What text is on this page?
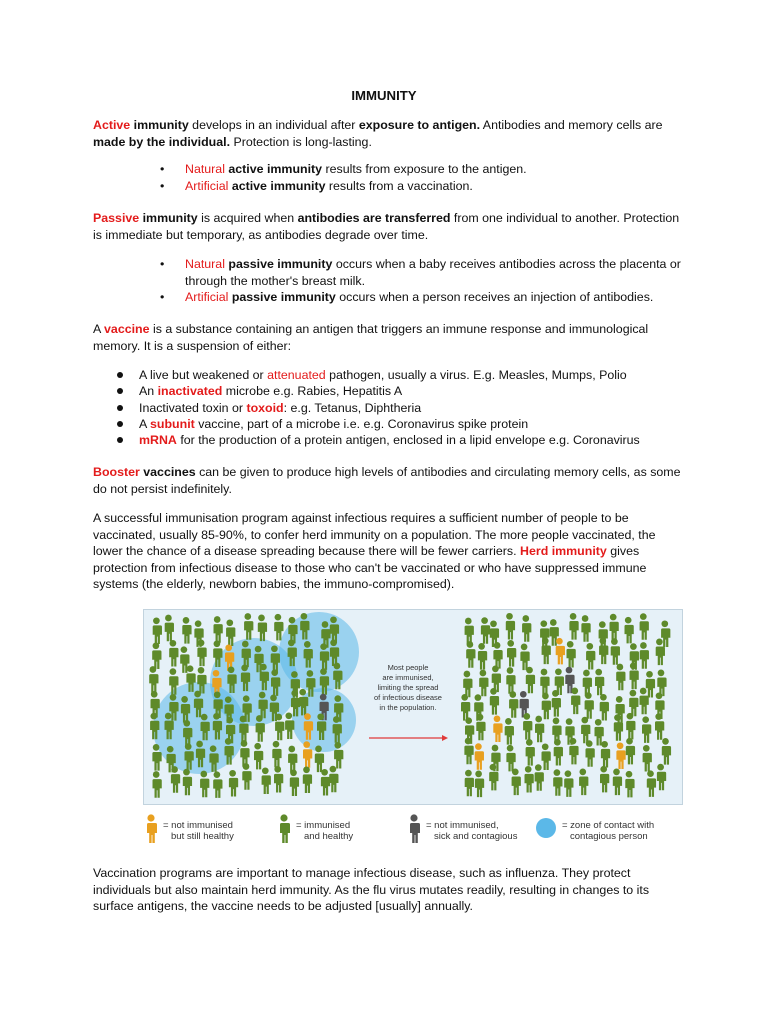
IMMUNITY

Active immunity develops in an individual after exposure to antigen. Antibodies and memory cells are made by the individual. Protection is long-lasting.

• Natural active immunity results from exposure to the antigen.
• Artificial active immunity results from a vaccination.

Passive immunity is acquired when antibodies are transferred from one individual to another. Protection is immediate but temporary, as antibodies degrade over time.

• Natural passive immunity occurs when a baby receives antibodies across the placenta or through the mother's breast milk.
• Artificial passive immunity occurs when a person receives an injection of antibodies.

A vaccine is a substance containing an antigen that triggers an immune response and immunological memory. It is a suspension of either:

A live but weakened or attenuated pathogen, usually a virus. E.g. Measles, Mumps, Polio
An inactivated microbe e.g. Rabies, Hepatitis A
Inactivated toxin or toxoid: e.g. Tetanus, Diphtheria
A subunit vaccine, part of a microbe i.e. e.g. Coronavirus spike protein
mRNA for the production of a protein antigen, enclosed in a lipid envelope e.g. Coronavirus

Booster vaccines can be given to produce high levels of antibodies and circulating memory cells, as some do not persist indefinitely.

A successful immunisation program against infectious requires a sufficient number of people to be vaccinated, usually 85-90%, to confer herd immunity on a population. The more people vaccinated, the lower the chance of a disease spreading because there will be fewer carriers. Herd immunity gives protection from infectious disease to those who can't be vaccinated or who have suppressed immune systems (the elderly, newborn babies, the immuno-compromised).

Most people
are immunised,
limiting the spread
of infectious disease
in the population.
= not immunised
but still healthy
= immunised
and healthy
= not immunised,
sick and contagious
= zone of contact with
contagious person

Vaccination programs are important to manage infectious disease, such as influenza. They protect individuals but also maintain herd immunity. As the flu virus mutates readily, resulting in changes to its surface antigens, the vaccine needs to be adjusted [usually] annually.
